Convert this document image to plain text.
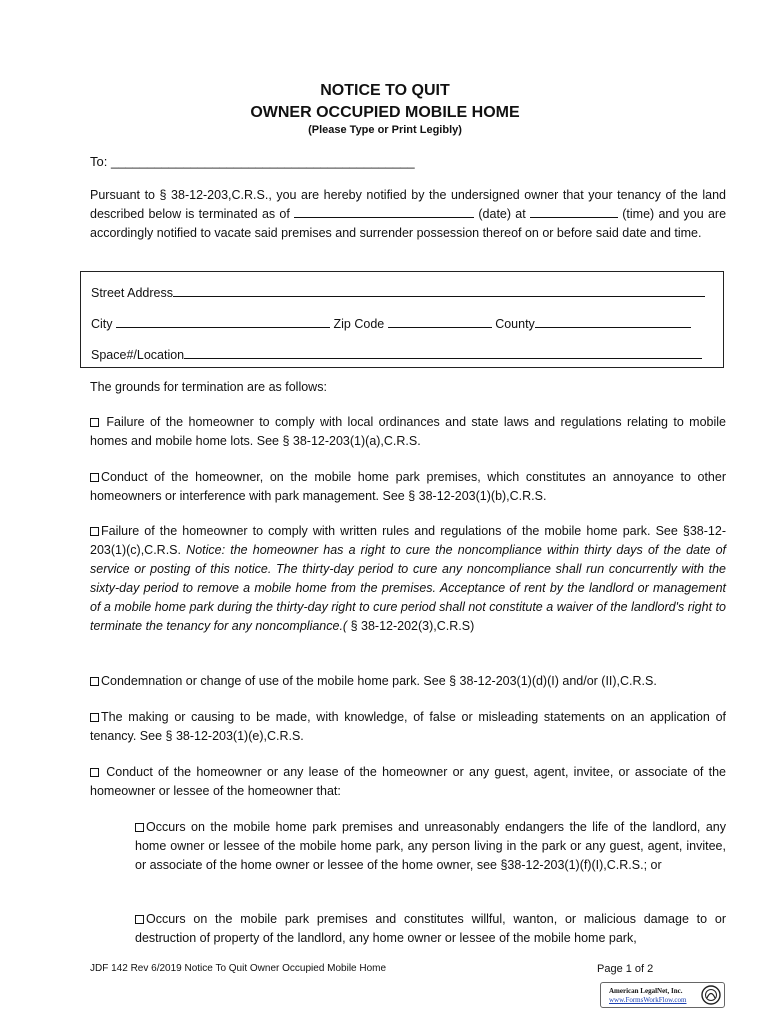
NOTICE TO QUIT
OWNER OCCUPIED MOBILE HOME
(Please Type or Print Legibly)
To: __________________________________________
Pursuant to § 38-12-203,C.R.S., you are hereby notified by the undersigned owner that your tenancy of the land described below is terminated as of	(date) at	(time) and you are accordingly notified to vacate said premises and surrender possession thereof on or before said date and time.
Street Address
City	Zip Code	County
Space#/Location
The grounds for termination are as follows:
Failure of the homeowner to comply with local ordinances and state laws and regulations relating to mobile homes and mobile home lots. See § 38-12-203(1)(a),C.R.S.
Conduct of the homeowner, on the mobile home park premises, which constitutes an annoyance to other homeowners or interference with park management. See § 38-12-203(1)(b),C.R.S.
Failure of the homeowner to comply with written rules and regulations of the mobile home park. See §38-12-203(1)(c),C.R.S. Notice: the homeowner has a right to cure the noncompliance within thirty days of the date of service or posting of this notice. The thirty-day period to cure any noncompliance shall run concurrently with the sixty-day period to remove a mobile home from the premises. Acceptance of rent by the landlord or management of a mobile home park during the thirty-day right to cure period shall not constitute a waiver of the landlord's right to terminate the tenancy for any noncompliance.( § 38-12-202(3),C.R.S)
Condemnation or change of use of the mobile home park. See § 38-12-203(1)(d)(I) and/or (II),C.R.S.
The making or causing to be made, with knowledge, of false or misleading statements on an application of tenancy. See § 38-12-203(1)(e),C.R.S.
Conduct of the homeowner or any lease of the homeowner or any guest, agent, invitee, or associate of the homeowner or lessee of the homeowner that:
Occurs on the mobile home park premises and unreasonably endangers the life of the landlord, any home owner or lessee of the mobile home park, any person living in the park or any guest, agent, invitee, or associate of the home owner or lessee of the home owner, see §38-12-203(1)(f)(I),C.R.S.; or
Occurs on the mobile park premises and constitutes willful, wanton, or malicious damage to or destruction of property of the landlord, any home owner or lessee of the mobile home park,
JDF 142 Rev 6/2019 Notice To Quit Owner Occupied Mobile Home	Page 1 of 2
American LegalNet, Inc.
www.FormsWorkFlow.com
